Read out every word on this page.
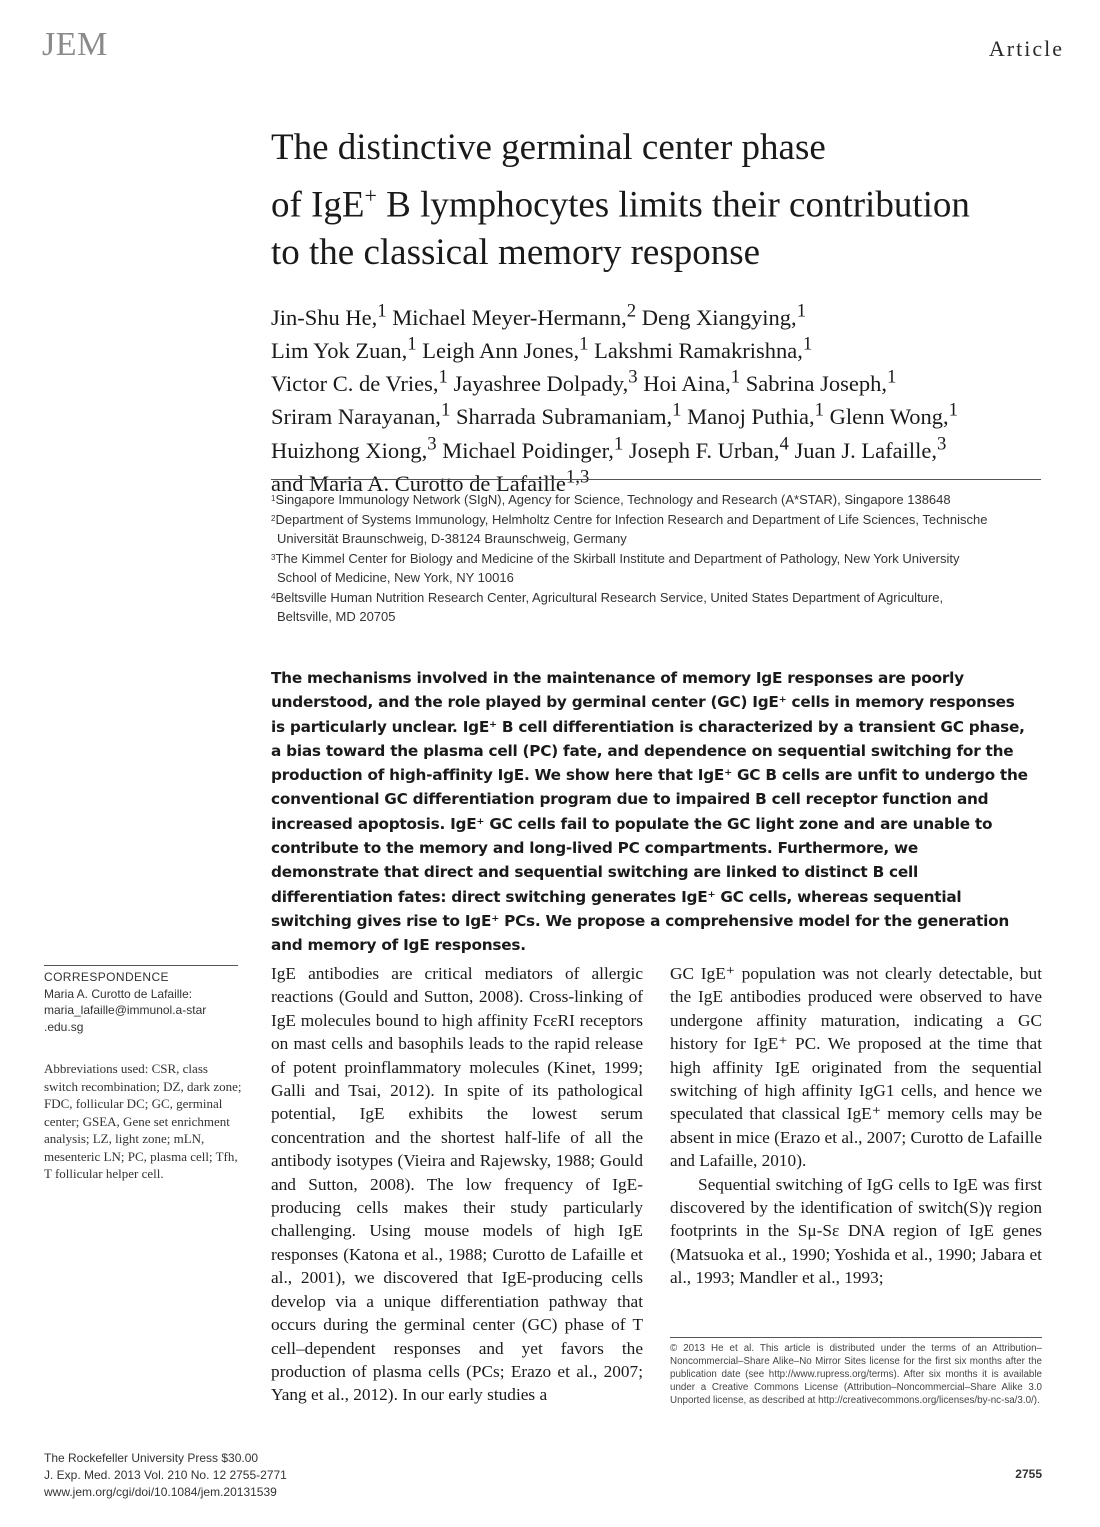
JEM	Article
The distinctive germinal center phase
of IgE+ B lymphocytes limits their contribution
to the classical memory response
Jin-Shu He,$^1$ Michael Meyer-Hermann,$^2$ Deng Xiangying,$^1$
Lim Yok Zuan,$^1$ Leigh Ann Jones,$^1$ Lakshmi Ramakrishna,$^1$
Victor C. de Vries,$^1$ Jayashree Dolpady,$^3$ Hoi Aina,$^1$ Sabrina Joseph,$^1$
Sriram Narayanan,$^1$ Sharrada Subramaniam,$^1$ Manoj Puthia,$^1$ Glenn Wong,$^1$
Huizhong Xiong,$^3$ Michael Poidinger,$^1$ Joseph F. Urban,$^4$ Juan J. Lafaille,$^3$
and Maria A. Curotto de Lafaille$^{1,3}$
$^1$Singapore Immunology Network (SIgN), Agency for Science, Technology and Research (A*STAR), Singapore 138648
$^2$Department of Systems Immunology, Helmholtz Centre for Infection Research and Department of Life Sciences, Technische
Universität Braunschweig, D-38124 Braunschweig, Germany
$^3$The Kimmel Center for Biology and Medicine of the Skirball Institute and Department of Pathology, New York University
School of Medicine, New York, NY 10016
$^4$Beltsville Human Nutrition Research Center, Agricultural Research Service, United States Department of Agriculture,
Beltsville, MD 20705

The mechanisms involved in the maintenance of memory IgE responses are poorly understood, and the role played by germinal center (GC) IgE⁺ cells in memory responses is particularly unclear. IgE⁺ B cell differentiation is characterized by a transient GC phase, a bias toward the plasma cell (PC) fate, and dependence on sequential switching for the production of high-affinity IgE. We show here that IgE⁺ GC B cells are unfit to undergo the conventional GC differentiation program due to impaired B cell receptor function and increased apoptosis. IgE⁺ GC cells fail to populate the GC light zone and are unable to contribute to the memory and long-lived PC compartments. Furthermore, we demonstrate that direct and sequential switching are linked to distinct B cell differentiation fates: direct switching generates IgE⁺ GC cells, whereas sequential switching gives rise to IgE⁺ PCs. We propose a comprehensive model for the generation and memory of IgE responses.

CORRESPONDENCE
Maria A. Curotto de Lafaille:
maria_lafaille@immunol.a-star
.edu.sg
Abbreviations used: CSR, class switch recombination; DZ, dark zone; FDC, follicular DC; GC, germinal center; GSEA, Gene set enrichment analysis; LZ, light zone; mLN, mesenteric LN; PC, plasma cell; Tfh, T follicular helper cell.

IgE antibodies are critical mediators of allergic reactions (Gould and Sutton, 2008). Cross-linking of IgE molecules bound to high affinity FcεRI receptors on mast cells and basophils leads to the rapid release of potent proinflammatory molecules (Kinet, 1999; Galli and Tsai, 2012). In spite of its pathological potential, IgE exhibits the lowest serum concentration and the shortest half-life of all the antibody isotypes (Vieira and Rajewsky, 1988; Gould and Sutton, 2008). The low frequency of IgE-producing cells makes their study particularly challenging. Using mouse models of high IgE responses (Katona et al., 1988; Curotto de Lafaille et al., 2001), we discovered that IgE-producing cells develop via a unique differentiation pathway that occurs during the germinal center (GC) phase of T cell–dependent responses and yet favors the production of plasma cells (PCs; Erazo et al., 2007; Yang et al., 2012). In our early studies a

GC IgE⁺ population was not clearly detectable, but the IgE antibodies produced were observed to have undergone affinity maturation, indicating a GC history for IgE⁺ PC. We proposed at the time that high affinity IgE originated from the sequential switching of high affinity IgG1 cells, and hence we speculated that classical IgE⁺ memory cells may be absent in mice (Erazo et al., 2007; Curotto de Lafaille and Lafaille, 2010).

Sequential switching of IgG cells to IgE was first discovered by the identification of switch(S)γ region footprints in the Sμ-Sε DNA region of IgE genes (Matsuoka et al., 1990; Yoshida et al., 1990; Jabara et al., 1993; Mandler et al., 1993;

© 2013 He et al. This article is distributed under the terms of an Attribution–Noncommercial–Share Alike–No Mirror Sites license for the first six months after the publication date (see http://www.rupress.org/terms). After six months it is available under a Creative Commons License (Attribution–Noncommercial–Share Alike 3.0 Unported license, as described at http://creativecommons.org/licenses/by-nc-sa/3.0/).
The Rockefeller University Press $30.00
J. Exp. Med. 2013 Vol. 210 No. 12 2755-2771
www.jem.org/cgi/doi/10.1084/jem.20131539
2755
